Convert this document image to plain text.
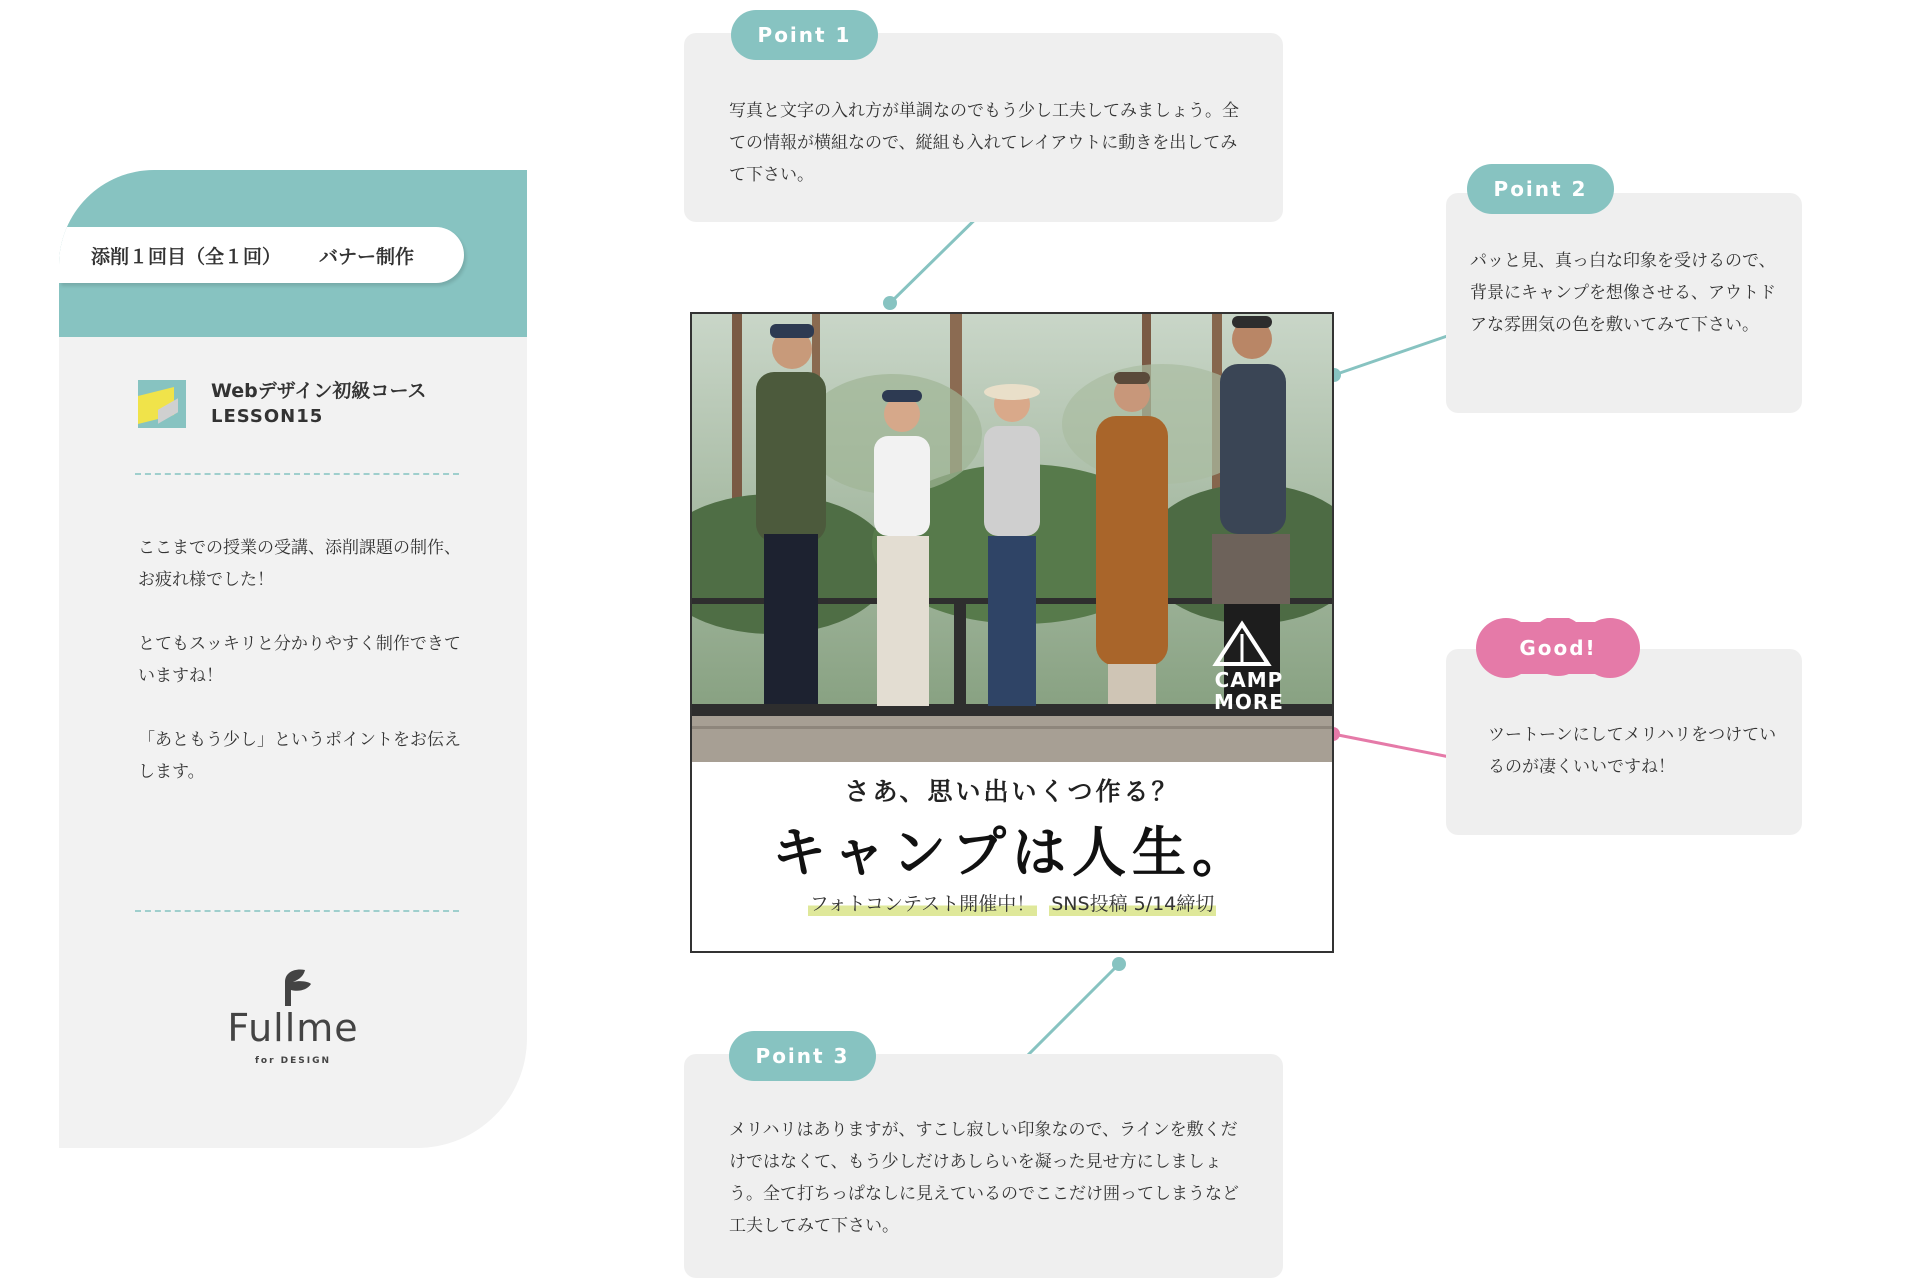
添削１回目（全１回） バナー制作
Webデザイン初級コース
LESSON15
ここまでの授業の受講、添削課題の制作、お疲れ様でした！
とてもスッキリと分かりやすく制作できていますね！
「あともう少し」というポイントをお伝えします。
Fullme
for DESIGN
写真と文字の入れ方が単調なのでもう少し工夫してみましょう。全ての情報が横組なので、縦組も入れてレイアウトに動きを出してみて下さい。
Point 1
パッと見、真っ白な印象を受けるので、背景にキャンプを想像させる、アウトドアな雰囲気の色を敷いてみて下さい。
Point 2
ツートーンにしてメリハリをつけているのが凄くいいですね！
Good!
メリハリはありますが、すこし寂しい印象なので、ラインを敷くだけではなくて、もう少しだけあしらいを凝った見せ方にしましょう。全て打ちっぱなしに見えているのでここだけ囲ってしまうなど工夫してみて下さい。
Point 3
CAMP
MORE
さあ、思い出いくつ作る？
キャンプは人生。
フォトコンテスト開催中！ SNS投稿 5/14締切
